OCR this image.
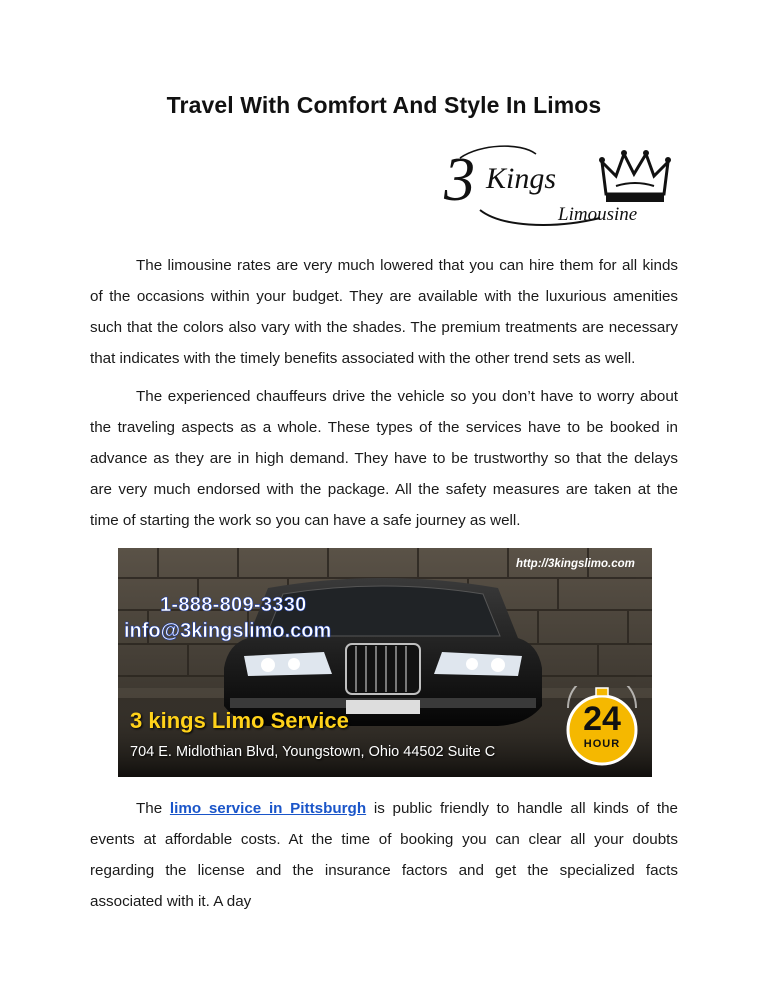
Travel With Comfort And Style In Limos
3 Kings
Limousine

The limousine rates are very much lowered that you can hire them for all kinds of the occasions within your budget. They are available with the luxurious amenities such that the colors also vary with the shades. The premium treatments are necessary that indicates with the timely benefits associated with the other trend sets as well.

The experienced chauffeurs drive the vehicle so you don’t have to worry about the traveling aspects as a whole. These types of the services have to be booked in advance as they are in high demand. They have to be trustworthy so that the delays are very much endorsed with the package. All the safety measures are taken at the time of starting the work so you can have a safe journey as well.

http://3kingslimo.com
1-888-809-3330
info@3kingslimo.com
3 kings Limo Service
704 E. Midlothian Blvd, Youngstown, Ohio 44502 Suite C
24
HOUR

The limo service in Pittsburgh is public friendly to handle all kinds of the events at affordable costs. At the time of booking you can clear all your doubts regarding the license and the insurance factors and get the specialized facts associated with it. A day
